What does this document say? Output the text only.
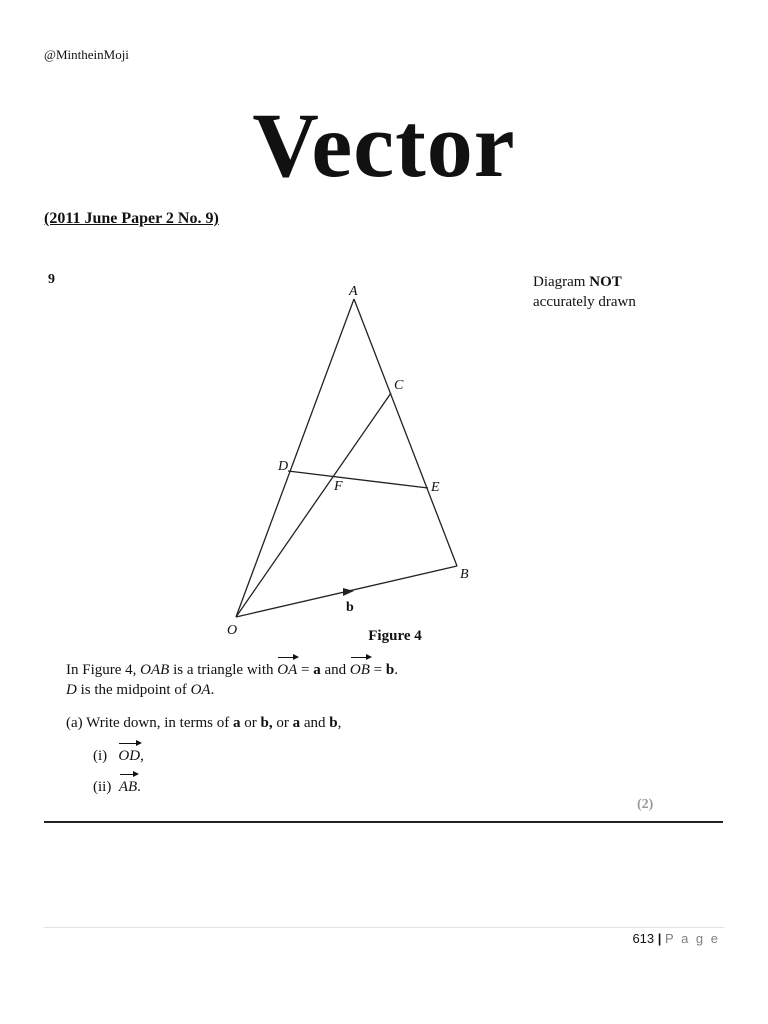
@MintheinMoji
Vector
(2011 June Paper 2 No. 9)
9	Diagram NOT
accurately drawn
A
C
D
F	E
B
O
b
Figure 4
In Figure 4, OAB is a triangle with OA = a and OB = b.
D is the midpoint of OA.
(a) Write down, in terms of a or b, or a and b,
(i) OD,
(ii) AB.
(2)
613 | P a g e
